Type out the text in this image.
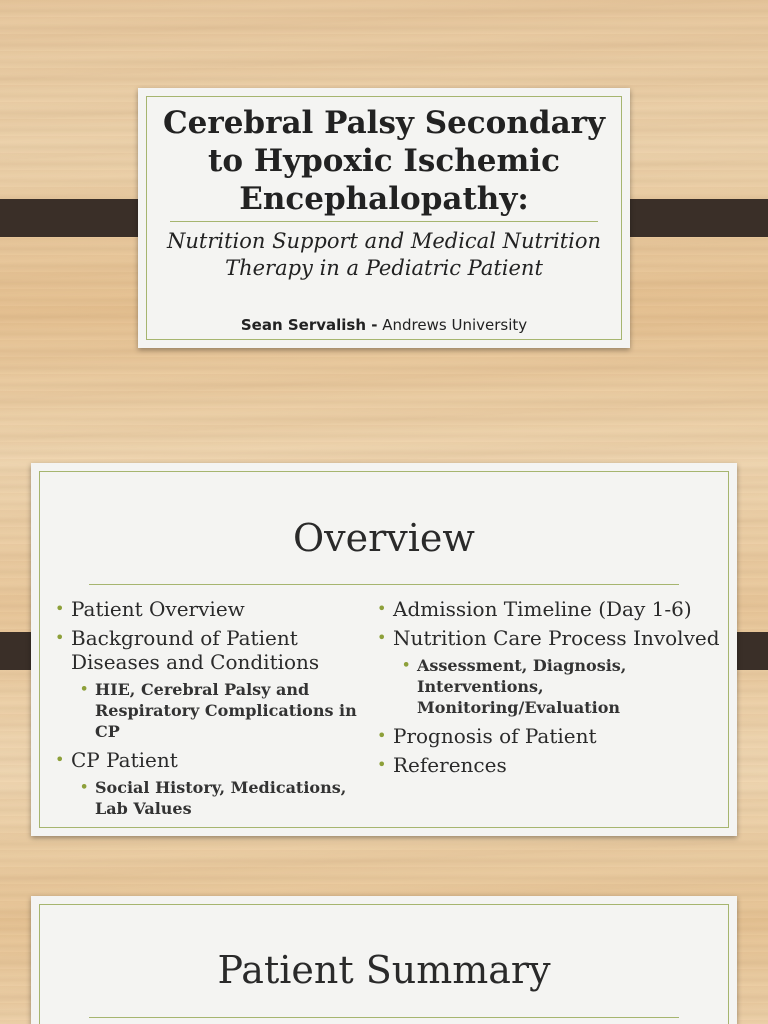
Cerebral Palsy Secondary to Hypoxic Ischemic Encephalopathy:
Nutrition Support and Medical Nutrition Therapy in a Pediatric Patient
Sean Servalish - Andrews University
Overview
• Patient Overview
• Background of Patient Diseases and Conditions
• HIE, Cerebral Palsy and Respiratory Complications in CP
• CP Patient
• Social History, Medications, Lab Values
• Admission Timeline (Day 1-6)
• Nutrition Care Process Involved
• Assessment, Diagnosis, Interventions, Monitoring/Evaluation
• Prognosis of Patient
• References
Patient Summary
